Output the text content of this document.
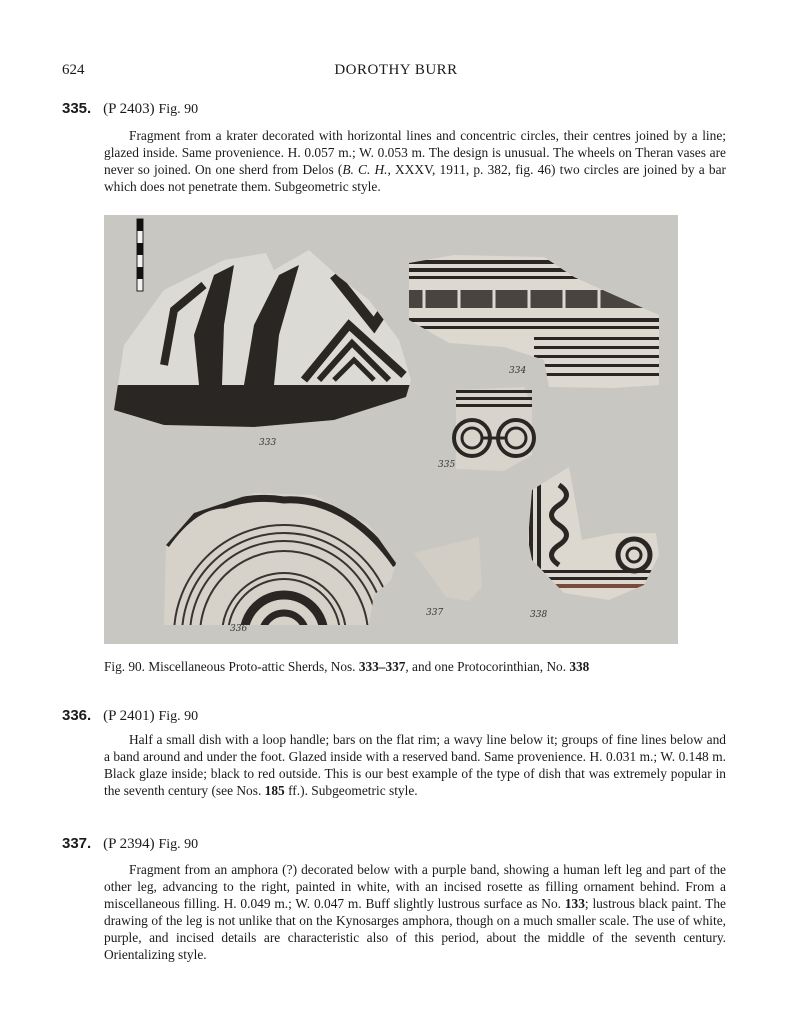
624	DOROTHY BURR
335. (P 2403) Fig. 90

Fragment from a krater decorated with horizontal lines and concentric circles, their centres joined by a line; glazed inside. Same provenience. H. 0.057 m.; W. 0.053 m. The design is unusual. The wheels on Theran vases are never so joined. On one sherd from Delos (B. C. H., XXXV, 1911, p. 382, fig. 46) two circles are joined by a bar which does not penetrate them. Subgeometric style.

334
335
336
333
337	338
Fig. 90. Miscellaneous Proto-attic Sherds, Nos. 333–337, and one Protocorinthian, No. 338
336. (P 2401) Fig. 90

Half a small dish with a loop handle; bars on the flat rim; a wavy line below it; groups of fine lines below and a band around and under the foot. Glazed inside with a reserved band. Same provenience. H. 0.031 m.; W. 0.148 m. Black glaze inside; black to red outside. This is our best example of the type of dish that was extremely popular in the seventh century (see Nos. 185 ff.). Subgeometric style.

337. (P 2394) Fig. 90

Fragment from an amphora (?) decorated below with a purple band, showing a human left leg and part of the other leg, advancing to the right, painted in white, with an incised rosette as filling ornament behind. From a miscellaneous filling. H. 0.049 m.; W. 0.047 m. Buff slightly lustrous surface as No. 133; lustrous black paint. The drawing of the leg is not unlike that on the Kynosarges amphora, though on a much smaller scale. The use of white, purple, and incised details are characteristic also of this period, about the middle of the seventh century. Orientalizing style.
